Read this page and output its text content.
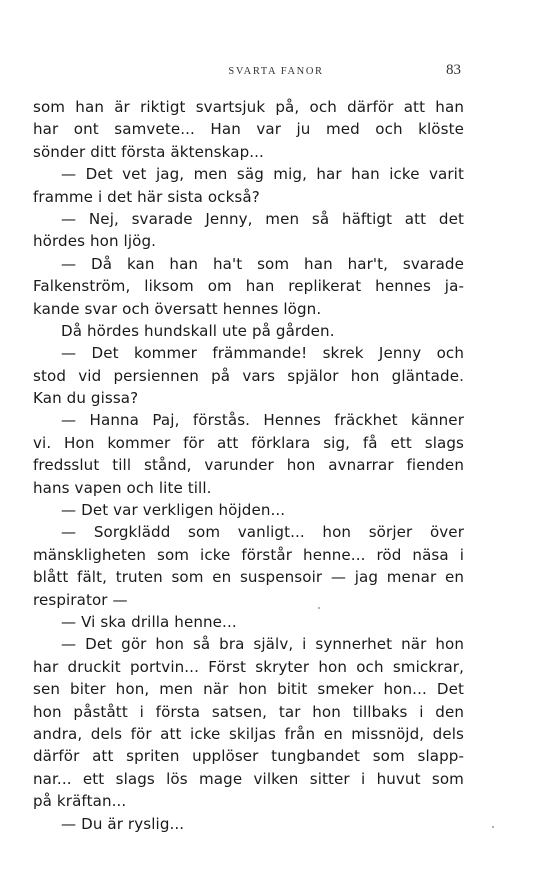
SVARTA FANOR	83
som han är riktigt svartsjuk på, och därför att han
har ont samvete... Han var ju med och klöste
sönder ditt första äktenskap...
— Det vet jag, men säg mig, har han icke varit
framme i det här sista också?
— Nej, svarade Jenny, men så häftigt att det
hördes hon ljög.
— Då kan han ha't som han har't, svarade
Falkenström, liksom om han replikerat hennes ja-
kande svar och översatt hennes lögn.
Då hördes hundskall ute på gården.
— Det kommer främmande! skrek Jenny och
stod vid persiennen på vars spjälor hon gläntade.
Kan du gissa?
— Hanna Paj, förstås. Hennes fräckhet känner
vi. Hon kommer för att förklara sig, få ett slags
fredsslut till stånd, varunder hon avnarrar fienden
hans vapen och lite till.
— Det var verkligen höjden...
— Sorgklädd som vanligt... hon sörjer över
mänskligheten som icke förstår henne... röd näsa i
blått fält, truten som en suspensoir — jag menar en
respirator —
— Vi ska drilla henne...
— Det gör hon så bra själv, i synnerhet när hon
har druckit portvin... Först skryter hon och smickrar,
sen biter hon, men när hon bitit smeker hon... Det
hon påstått i första satsen, tar hon tillbaks i den
andra, dels för att icke skiljas från en missnöjd, dels
därför att spriten upplöser tungbandet som slapp-
nar... ett slags lös mage vilken sitter i huvut som
på kräftan...
— Du är ryslig...
